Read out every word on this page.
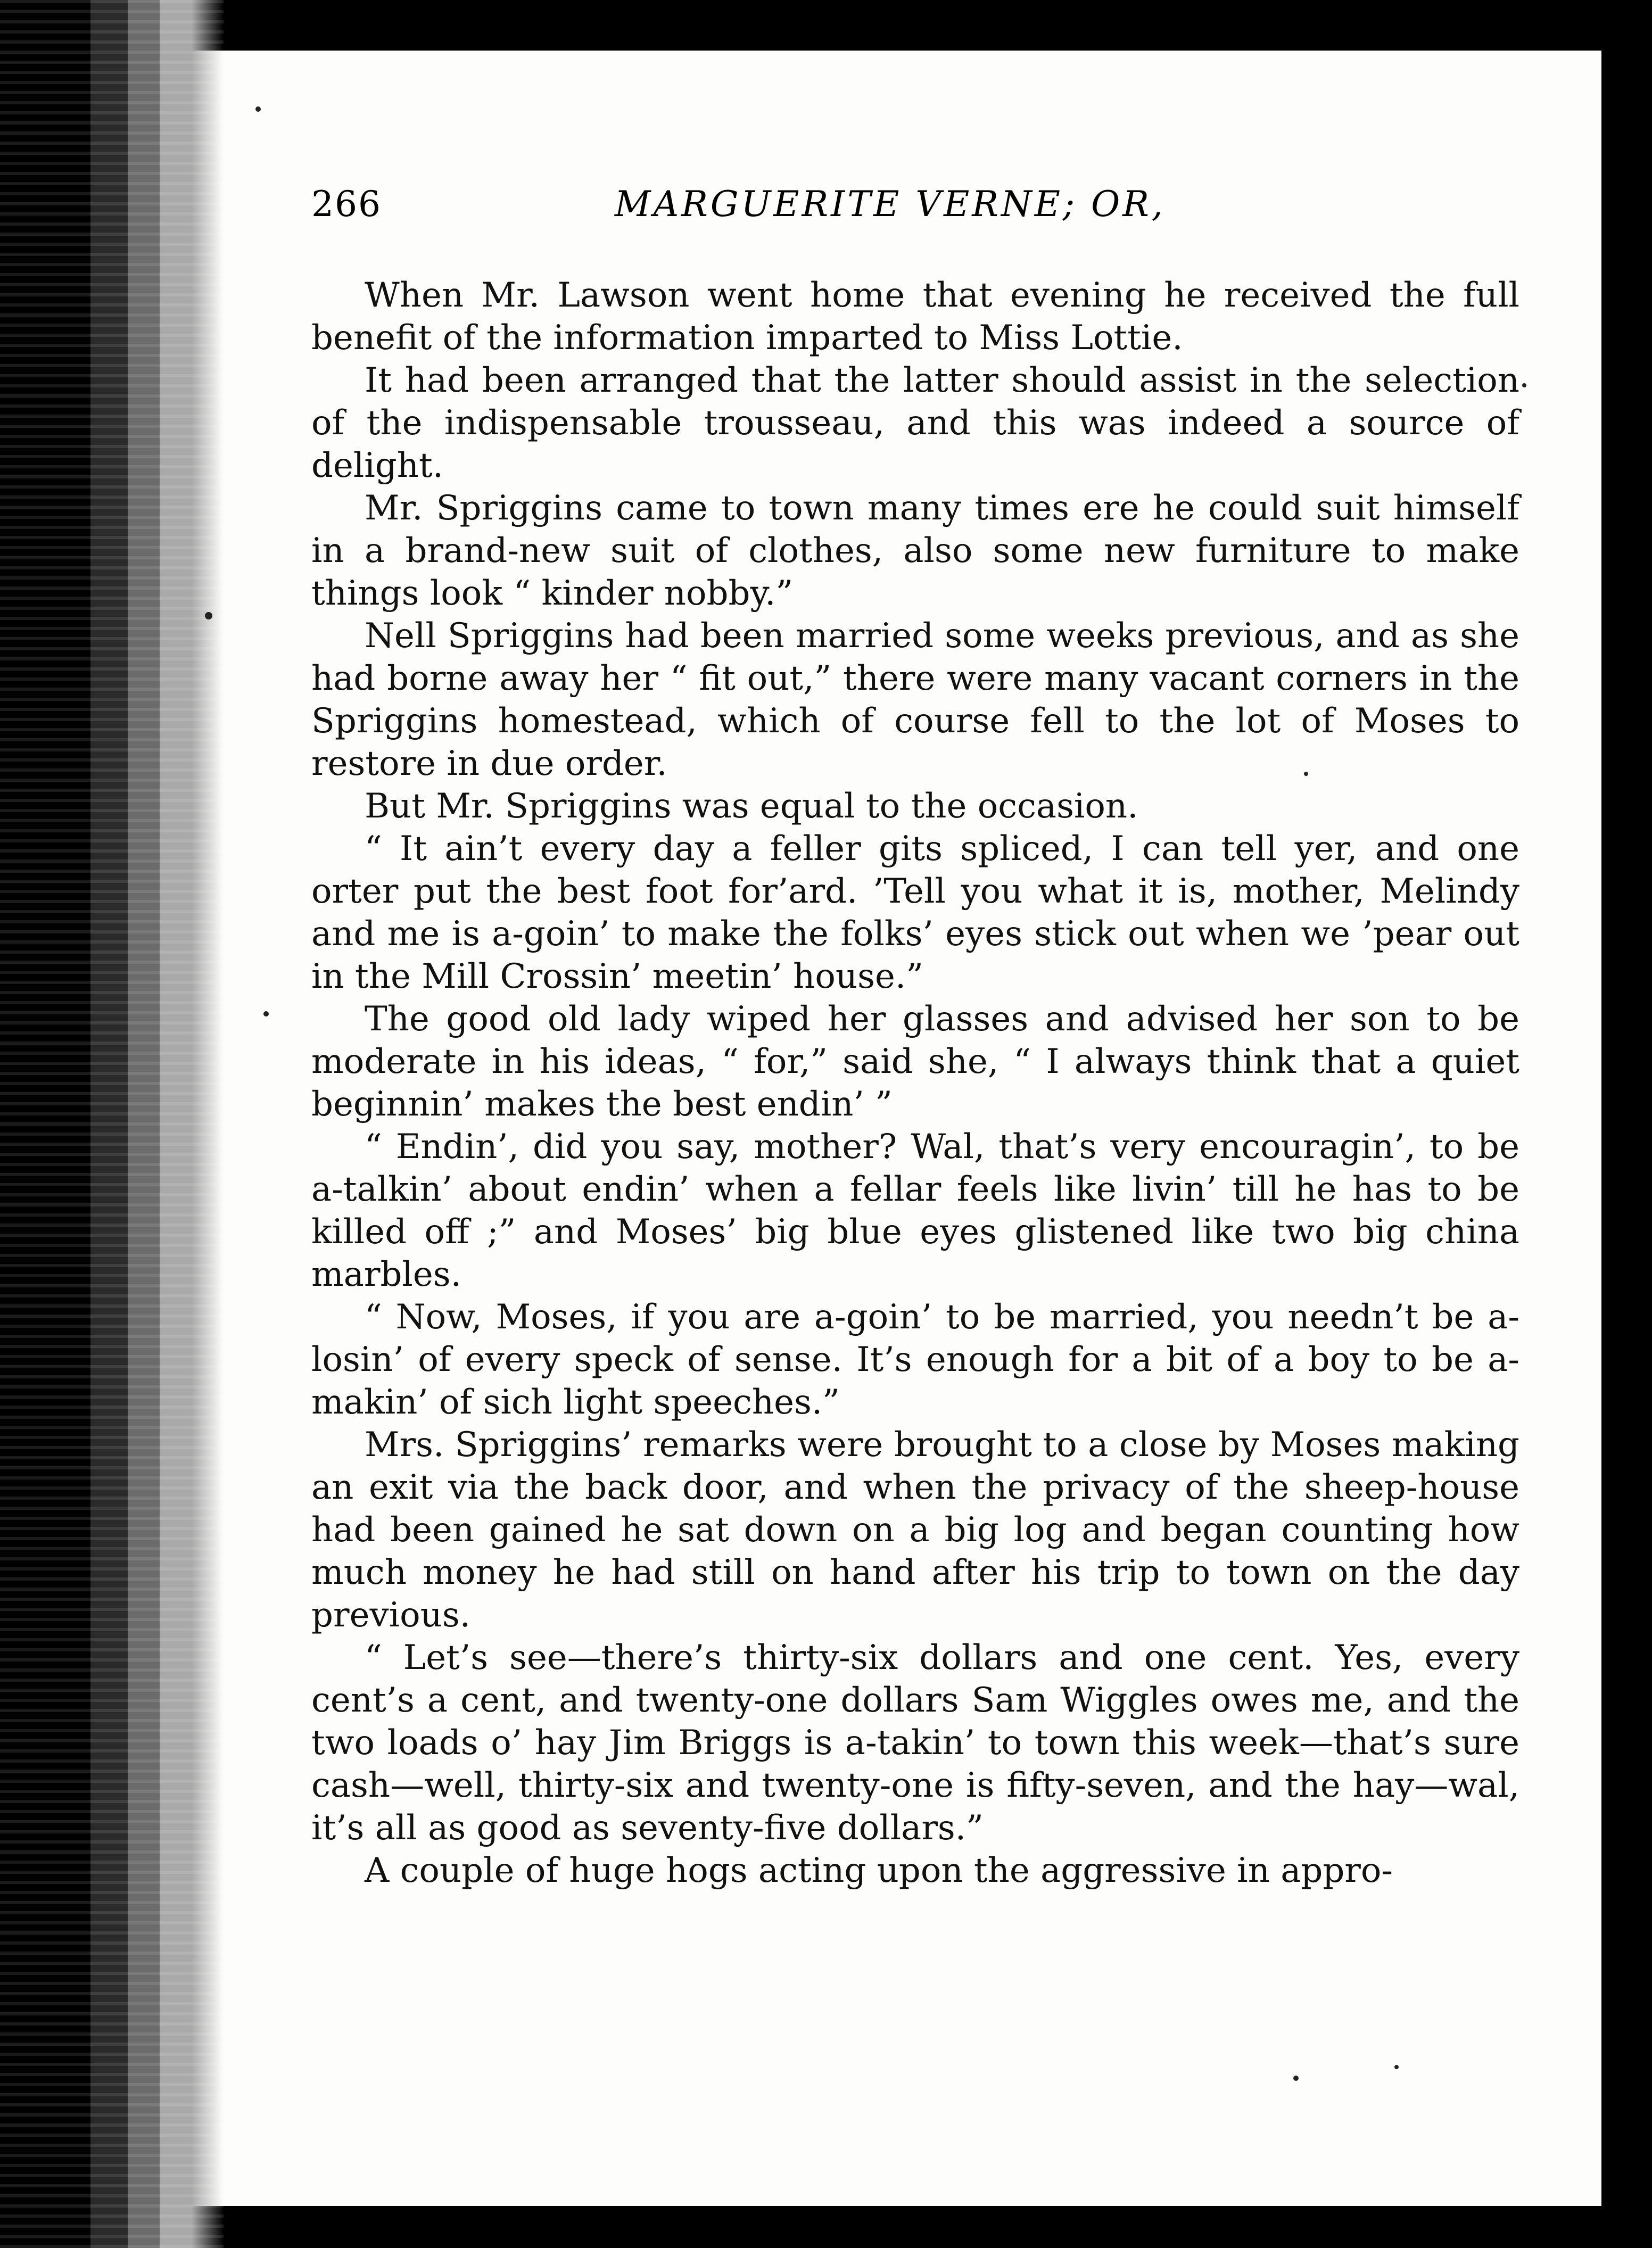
266	MARGUERITE VERNE; OR,

When Mr. Lawson went home that evening he received the full benefit of the information imparted to Miss Lottie.

It had been arranged that the latter should assist in the selection of the indispensable trousseau, and this was indeed a source of delight.

Mr. Spriggins came to town many times ere he could suit himself in a brand-new suit of clothes, also some new furniture to make things look “ kinder nobby.”

Nell Spriggins had been married some weeks previous, and as she had borne away her “ fit out,” there were many vacant corners in the Spriggins homestead, which of course fell to the lot of Moses to restore in due order.

But Mr. Spriggins was equal to the occasion.

“ It ain’t every day a feller gits spliced, I can tell yer, and one orter put the best foot for’ard. ’Tell you what it is, mother, Melindy and me is a-goin’ to make the folks’ eyes stick out when we ’pear out in the Mill Crossin’ meetin’ house.”

The good old lady wiped her glasses and advised her son to be moderate in his ideas, “ for,” said she, “ I always think that a quiet beginnin’ makes the best endin’ ”

“ Endin’, did you say, mother? Wal, that’s very encouragin’, to be a-talkin’ about endin’ when a fellar feels like livin’ till he has to be killed off ;” and Moses’ big blue eyes glistened like two big china marbles.

“ Now, Moses, if you are a-goin’ to be married, you needn’t be a-losin’ of every speck of sense. It’s enough for a bit of a boy to be a-makin’ of sich light speeches.”

Mrs. Spriggins’ remarks were brought to a close by Moses making an exit via the back door, and when the privacy of the sheep-house had been gained he sat down on a big log and began counting how much money he had still on hand after his trip to town on the day previous.

“ Let’s see—there’s thirty-six dollars and one cent. Yes, every cent’s a cent, and twenty-one dollars Sam Wiggles owes me, and the two loads o’ hay Jim Briggs is a-takin’ to town this week—that’s sure cash—well, thirty-six and twenty-one is fifty-seven, and the hay—wal, it’s all as good as seventy-five dollars.”

A couple of huge hogs acting upon the aggressive in appro-
